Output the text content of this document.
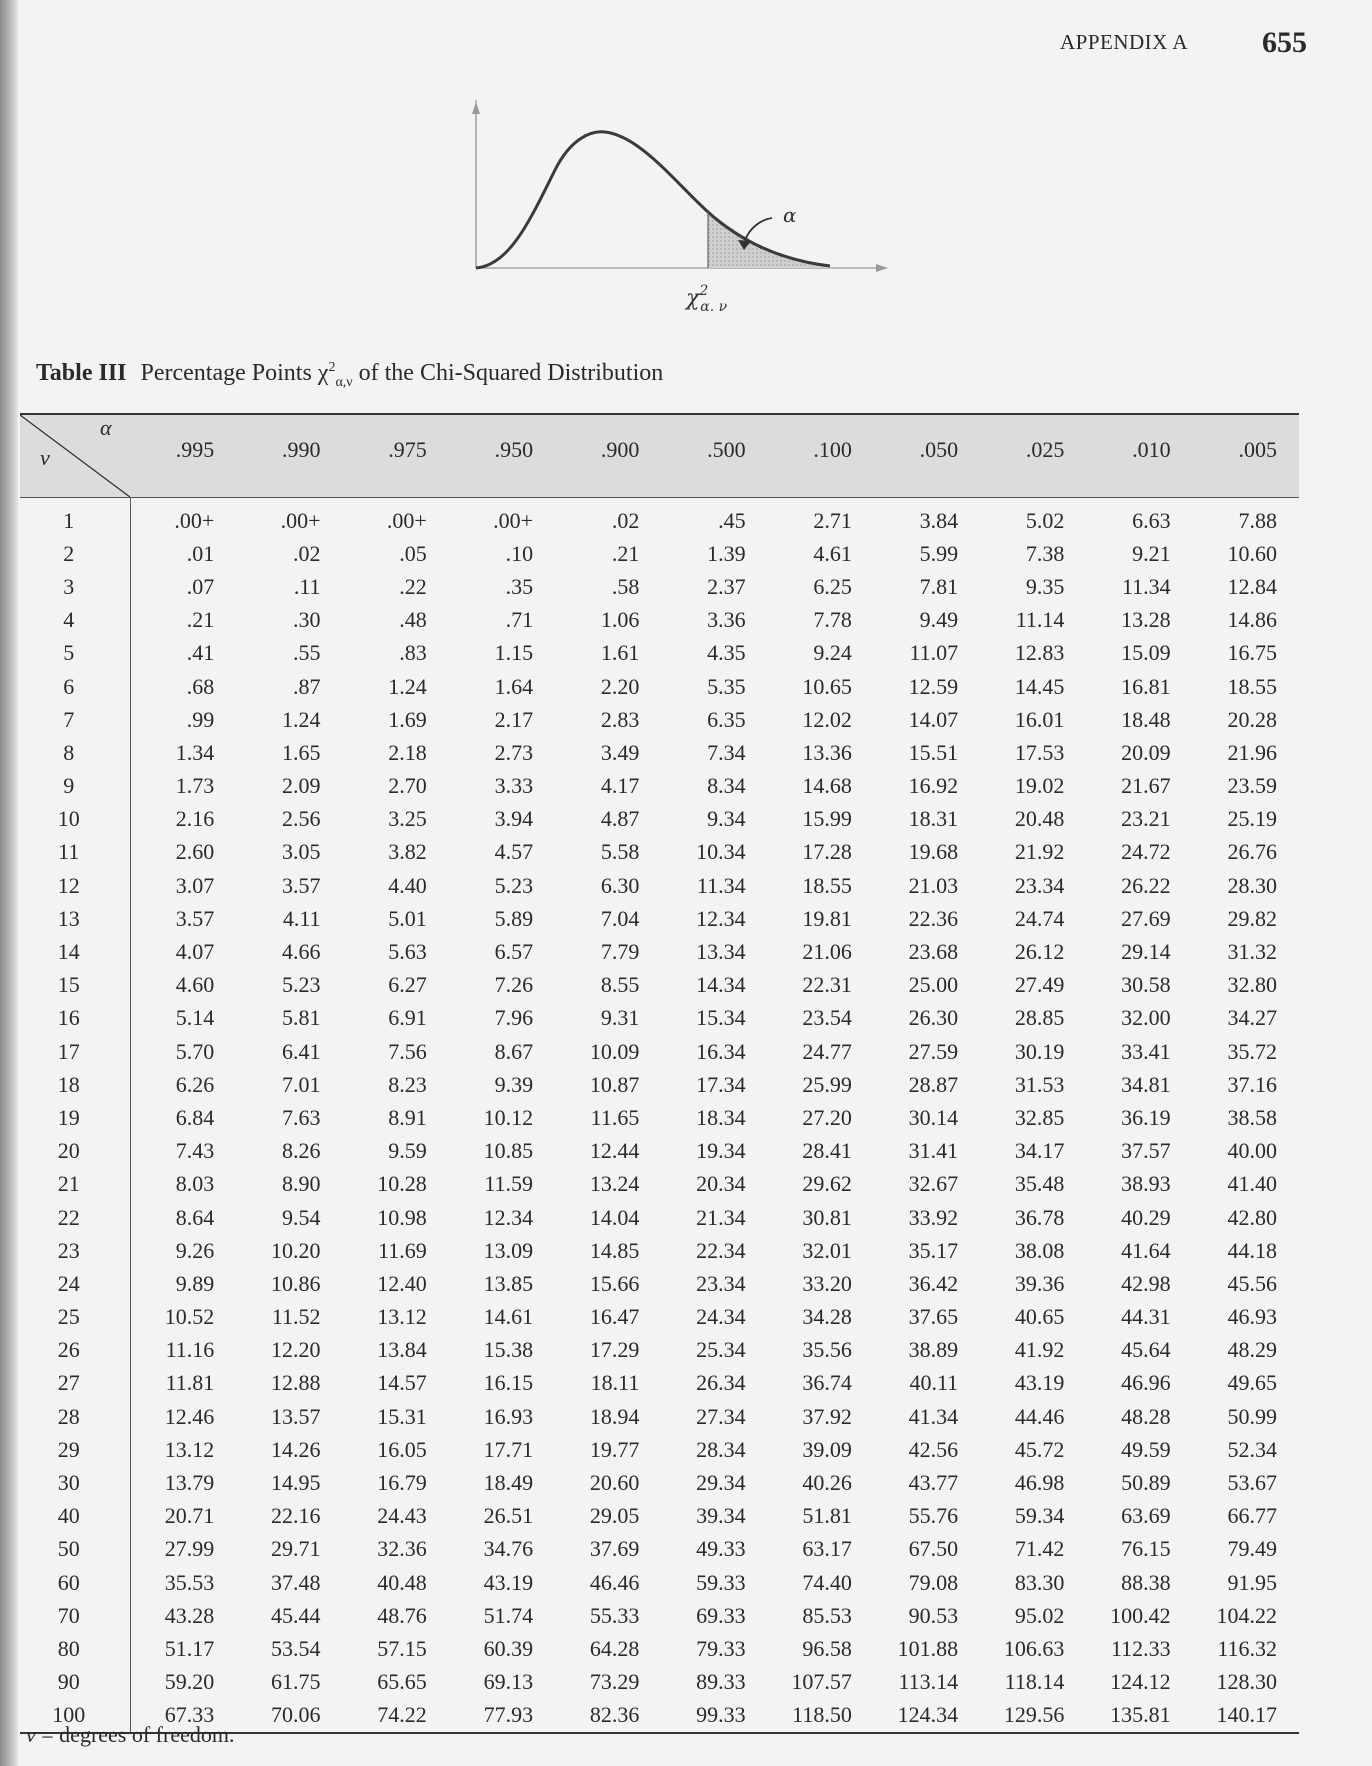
APPENDIX A 655
α
$\chi^2$ α. ν
Table III Percentage Points $\chi^2_{\alpha,\nu}$ of the Chi-Squared Distribution
α
ν	.995	.990	.975	.950	.900	.500	.100	.050	.025	.010	.005
1	.00+	.00+	.00+	.00+	.02	.45	2.71	3.84	5.02	6.63	7.88
2	.01	.02	.05	.10	.21	1.39	4.61	5.99	7.38	9.21	10.60
3	.07	.11	.22	.35	.58	2.37	6.25	7.81	9.35	11.34	12.84
4	.21	.30	.48	.71	1.06	3.36	7.78	9.49	11.14	13.28	14.86
5	.41	.55	.83	1.15	1.61	4.35	9.24	11.07	12.83	15.09	16.75
6	.68	.87	1.24	1.64	2.20	5.35	10.65	12.59	14.45	16.81	18.55
7	.99	1.24	1.69	2.17	2.83	6.35	12.02	14.07	16.01	18.48	20.28
8	1.34	1.65	2.18	2.73	3.49	7.34	13.36	15.51	17.53	20.09	21.96
9	1.73	2.09	2.70	3.33	4.17	8.34	14.68	16.92	19.02	21.67	23.59
10	2.16	2.56	3.25	3.94	4.87	9.34	15.99	18.31	20.48	23.21	25.19
11	2.60	3.05	3.82	4.57	5.58	10.34	17.28	19.68	21.92	24.72	26.76
12	3.07	3.57	4.40	5.23	6.30	11.34	18.55	21.03	23.34	26.22	28.30
13	3.57	4.11	5.01	5.89	7.04	12.34	19.81	22.36	24.74	27.69	29.82
14	4.07	4.66	5.63	6.57	7.79	13.34	21.06	23.68	26.12	29.14	31.32
15	4.60	5.23	6.27	7.26	8.55	14.34	22.31	25.00	27.49	30.58	32.80
16	5.14	5.81	6.91	7.96	9.31	15.34	23.54	26.30	28.85	32.00	34.27
17	5.70	6.41	7.56	8.67	10.09	16.34	24.77	27.59	30.19	33.41	35.72
18	6.26	7.01	8.23	9.39	10.87	17.34	25.99	28.87	31.53	34.81	37.16
19	6.84	7.63	8.91	10.12	11.65	18.34	27.20	30.14	32.85	36.19	38.58
20	7.43	8.26	9.59	10.85	12.44	19.34	28.41	31.41	34.17	37.57	40.00
21	8.03	8.90	10.28	11.59	13.24	20.34	29.62	32.67	35.48	38.93	41.40
22	8.64	9.54	10.98	12.34	14.04	21.34	30.81	33.92	36.78	40.29	42.80
23	9.26	10.20	11.69	13.09	14.85	22.34	32.01	35.17	38.08	41.64	44.18
24	9.89	10.86	12.40	13.85	15.66	23.34	33.20	36.42	39.36	42.98	45.56
25	10.52	11.52	13.12	14.61	16.47	24.34	34.28	37.65	40.65	44.31	46.93
26	11.16	12.20	13.84	15.38	17.29	25.34	35.56	38.89	41.92	45.64	48.29
27	11.81	12.88	14.57	16.15	18.11	26.34	36.74	40.11	43.19	46.96	49.65
28	12.46	13.57	15.31	16.93	18.94	27.34	37.92	41.34	44.46	48.28	50.99
29	13.12	14.26	16.05	17.71	19.77	28.34	39.09	42.56	45.72	49.59	52.34
30	13.79	14.95	16.79	18.49	20.60	29.34	40.26	43.77	46.98	50.89	53.67
40	20.71	22.16	24.43	26.51	29.05	39.34	51.81	55.76	59.34	63.69	66.77
50	27.99	29.71	32.36	34.76	37.69	49.33	63.17	67.50	71.42	76.15	79.49
60	35.53	37.48	40.48	43.19	46.46	59.33	74.40	79.08	83.30	88.38	91.95
70	43.28	45.44	48.76	51.74	55.33	69.33	85.53	90.53	95.02	100.42	104.22
80	51.17	53.54	57.15	60.39	64.28	79.33	96.58	101.88	106.63	112.33	116.32
90	59.20	61.75	65.65	69.13	73.29	89.33	107.57	113.14	118.14	124.12	128.30
100	67.33	70.06	74.22	77.93	82.36	99.33	118.50	124.34	129.56	135.81	140.17
ν = degrees of freedom.
